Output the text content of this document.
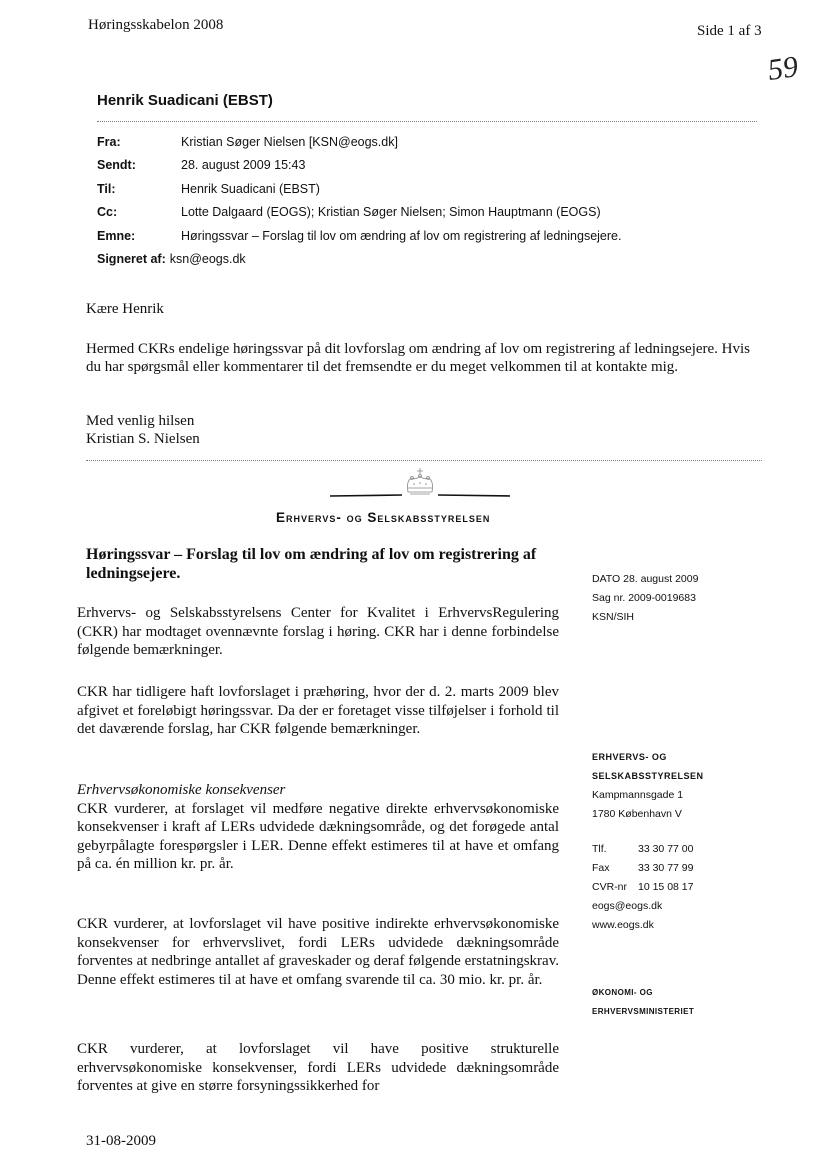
Høringsskabelon 2008	Side 1 af 3
59
Henrik Suadicani (EBST)
Fra:	Kristian Søger Nielsen [KSN@eogs.dk]
Sendt:	28. august 2009 15:43
Til:	Henrik Suadicani (EBST)
Cc:	Lotte Dalgaard (EOGS); Kristian Søger Nielsen; Simon Hauptmann (EOGS)
Emne:	Høringssvar – Forslag til lov om ændring af lov om registrering af ledningsejere.
Signeret af: ksn@eogs.dk
Kære Henrik
Hermed CKRs endelige høringssvar på dit lovforslag om ændring af lov om registrering af ledningsejere. Hvis du har spørgsmål eller kommentarer til det fremsendte er du meget velkommen til at kontakte mig.
Med venlig hilsen
Kristian S. Nielsen
Erhvervs- og Selskabsstyrelsen
Høringssvar – Forslag til lov om ændring af lov om registrering af ledningsejere.

Erhvervs- og Selskabsstyrelsens Center for Kvalitet i ErhvervsRegulering (CKR) har modtaget ovennævnte forslag i høring. CKR har i denne forbindelse følgende bemærkninger.

CKR har tidligere haft lovforslaget i præhøring, hvor der d. 2. marts 2009 blev afgivet et foreløbigt høringssvar. Da der er foretaget visse tilføjelser i forhold til det daværende forslag, har CKR følgende bemærkninger.

Erhvervsøkonomiske konsekvenser

CKR vurderer, at forslaget vil medføre negative direkte erhvervsøkonomiske konsekvenser i kraft af LERs udvidede dækningsområde, og det forøgede antal gebyrpålagte forespørgsler i LER. Denne effekt estimeres til at have et omfang på ca. én million kr. pr. år.

CKR vurderer, at lovforslaget vil have positive indirekte erhvervsøkonomiske konsekvenser for erhvervslivet, fordi LERs udvidede dækningsområde forventes at nedbringe antallet af graveskader og deraf følgende erstatningskrav. Denne effekt estimeres til at have et omfang svarende til ca. 30 mio. kr. pr. år.

CKR vurderer, at lovforslaget vil have positive strukturelle erhvervsøkonomiske konsekvenser, fordi LERs udvidede dækningsområde forventes at give en større forsyningssikkerhed for

DATO 28. august 2009
Sag nr. 2009-0019683
KSN/SIH
ERHVERVS- OG
SELSKABSSTYRELSEN
Kampmannsgade 1
1780 København V
Tlf.	33 30 77 00
Fax	33 30 77 99
CVR-nr	10 15 08 17
eogs@eogs.dk
www.eogs.dk
ØKONOMI- OG
ERHVERVSMINISTERIET
31-08-2009
